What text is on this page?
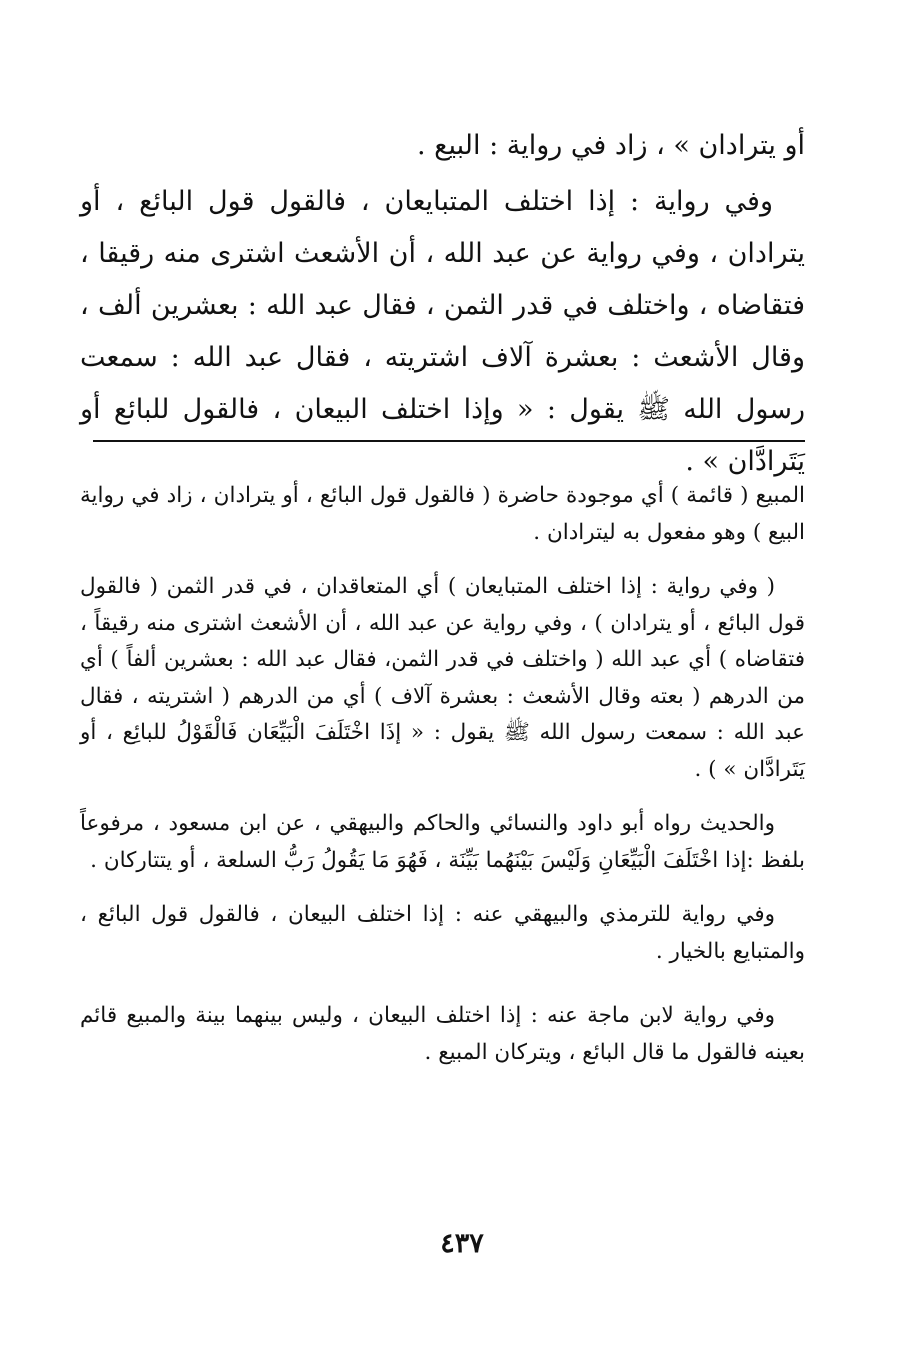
أو يترادان » ، زاد في رواية : البيع .

وفي رواية : إذا اختلف المتبايعان ، فالقول قول البائع ، أو يترادان ، وفي رواية عن عبد الله ، أن الأشعث اشترى منه رقيقا ، فتقاضاه ، واختلف في قدر الثمن ، فقال عبد الله : بعشرين ألف ، وقال الأشعث : بعشرة آلاف اشتريته ، فقال عبد الله : سمعت رسول الله ﷺ يقول : « وإذا اختلف البيعان ، فالقول للبائع أو يَتَرادَّان » .

المبيع ( قائمة ) أي موجودة حاضرة ( فالقول قول البائع ، أو يترادان ، زاد في رواية البيع ) وهو مفعول به ليترادان .

( وفي رواية : إذا اختلف المتبايعان ) أي المتعاقدان ، في قدر الثمن ( فالقول قول البائع ، أو يترادان ) ، وفي رواية عن عبد الله ، أن الأشعث اشترى منه رقيقاً ، فتقاضاه ) أي عبد الله ( واختلف في قدر الثمن، فقال عبد الله : بعشرين ألفاً ) أي من الدرهم ( بعته وقال الأشعث : بعشرة آلاف ) أي من الدرهم ( اشتريته ، فقال عبد الله : سمعت رسول الله ﷺ يقول : « إذَا اخْتَلَفَ الْبَيِّعَان فَالْقَوْلُ للبائِع ، أو يَتَرادَّان » ) .

والحديث رواه أبو داود والنسائي والحاكم والبيهقي ، عن ابن مسعود ، مرفوعاً بلفظ :إذا اخْتَلَفَ الْبَيِّعَانِ وَلَيْسَ بَيْنَهُما بَيِّنَة ، فَهُوَ مَا يَقُولُ رَبُّ السلعة ، أو يتتاركان .

وفي رواية للترمذي والبيهقي عنه : إذا اختلف البيعان ، فالقول قول البائع ، والمتبايع بالخيار .

وفي رواية لابن ماجة عنه : إذا اختلف البيعان ، وليس بينهما بينة والمبيع قائم بعينه فالقول ما قال البائع ، ويتركان المبيع .

٤٣٧
